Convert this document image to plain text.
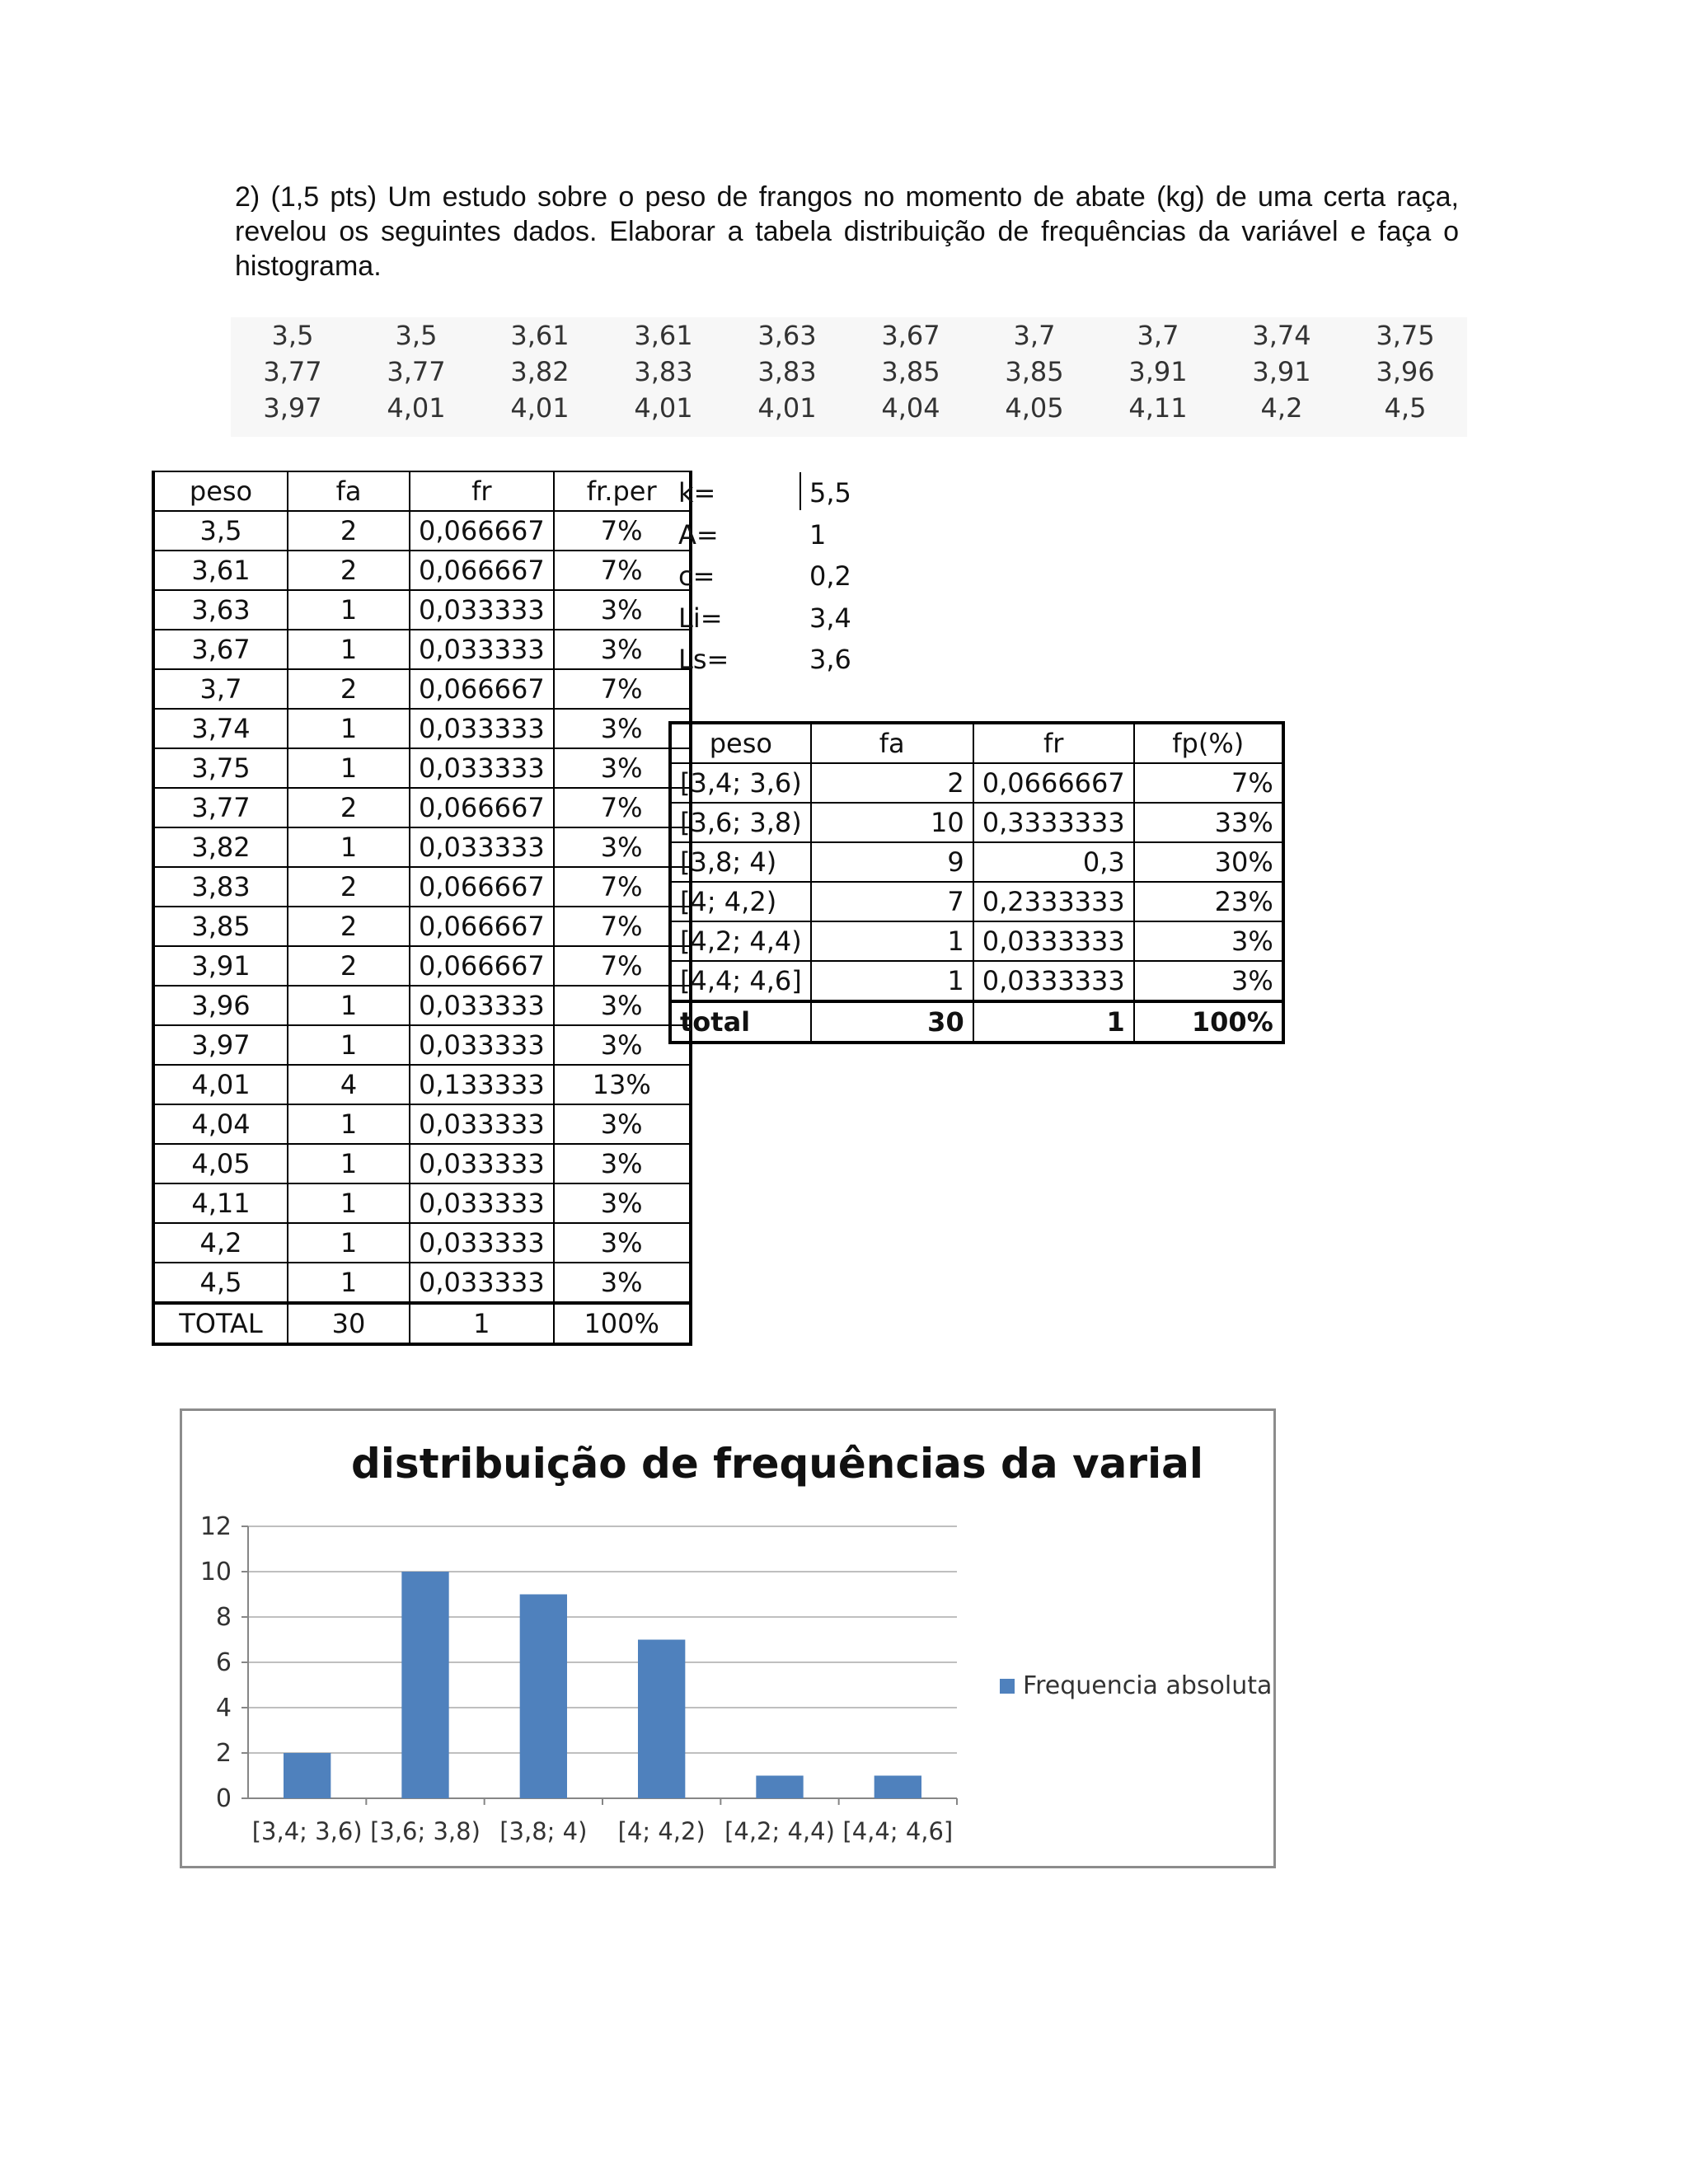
2) (1,5 pts) Um estudo sobre o peso de frangos no momento de abate (kg) de uma certa raça, revelou os seguintes dados. Elaborar a tabela distribuição de frequências da variável e faça o histograma.
3,5	3,5	3,61	3,61	3,63	3,67	3,7	3,7	3,74	3,75
3,77	3,77	3,82	3,83	3,83	3,85	3,85	3,91	3,91	3,96
3,97	4,01	4,01	4,01	4,01	4,04	4,05	4,11	4,2	4,5
peso	fa	fr	fr.per
3,5	2	0,066667	7%
3,61	2	0,066667	7%
3,63	1	0,033333	3%
3,67	1	0,033333	3%
3,7	2	0,066667	7%
3,74	1	0,033333	3%
3,75	1	0,033333	3%
3,77	2	0,066667	7%
3,82	1	0,033333	3%
3,83	2	0,066667	7%
3,85	2	0,066667	7%
3,91	2	0,066667	7%
3,96	1	0,033333	3%
3,97	1	0,033333	3%
4,01	4	0,133333	13%
4,04	1	0,033333	3%
4,05	1	0,033333	3%
4,11	1	0,033333	3%
4,2	1	0,033333	3%
4,5	1	0,033333	3%
TOTAL	30	1	100%
k=	5,5
A=	1
c=	0,2
Li=	3,4
Ls=	3,6
peso	fa	fr	fp(%)
[3,4; 3,6)	2	0,0666667	7%
[3,6; 3,8)	10	0,3333333	33%
[3,8; 4)	9	0,3	30%
[4; 4,2)	7	0,2333333	23%
[4,2; 4,4)	1	0,0333333	3%
[4,4; 4,6]	1	0,0333333	3%
total	30	1	100%
distribuição de frequências da varial
0
2
4
6
8
10
12
[3,4; 3,6) [3,6; 3,8) [3,8; 4) [4; 4,2) [4,2; 4,4) [4,4; 4,6]
Frequencia absoluta
